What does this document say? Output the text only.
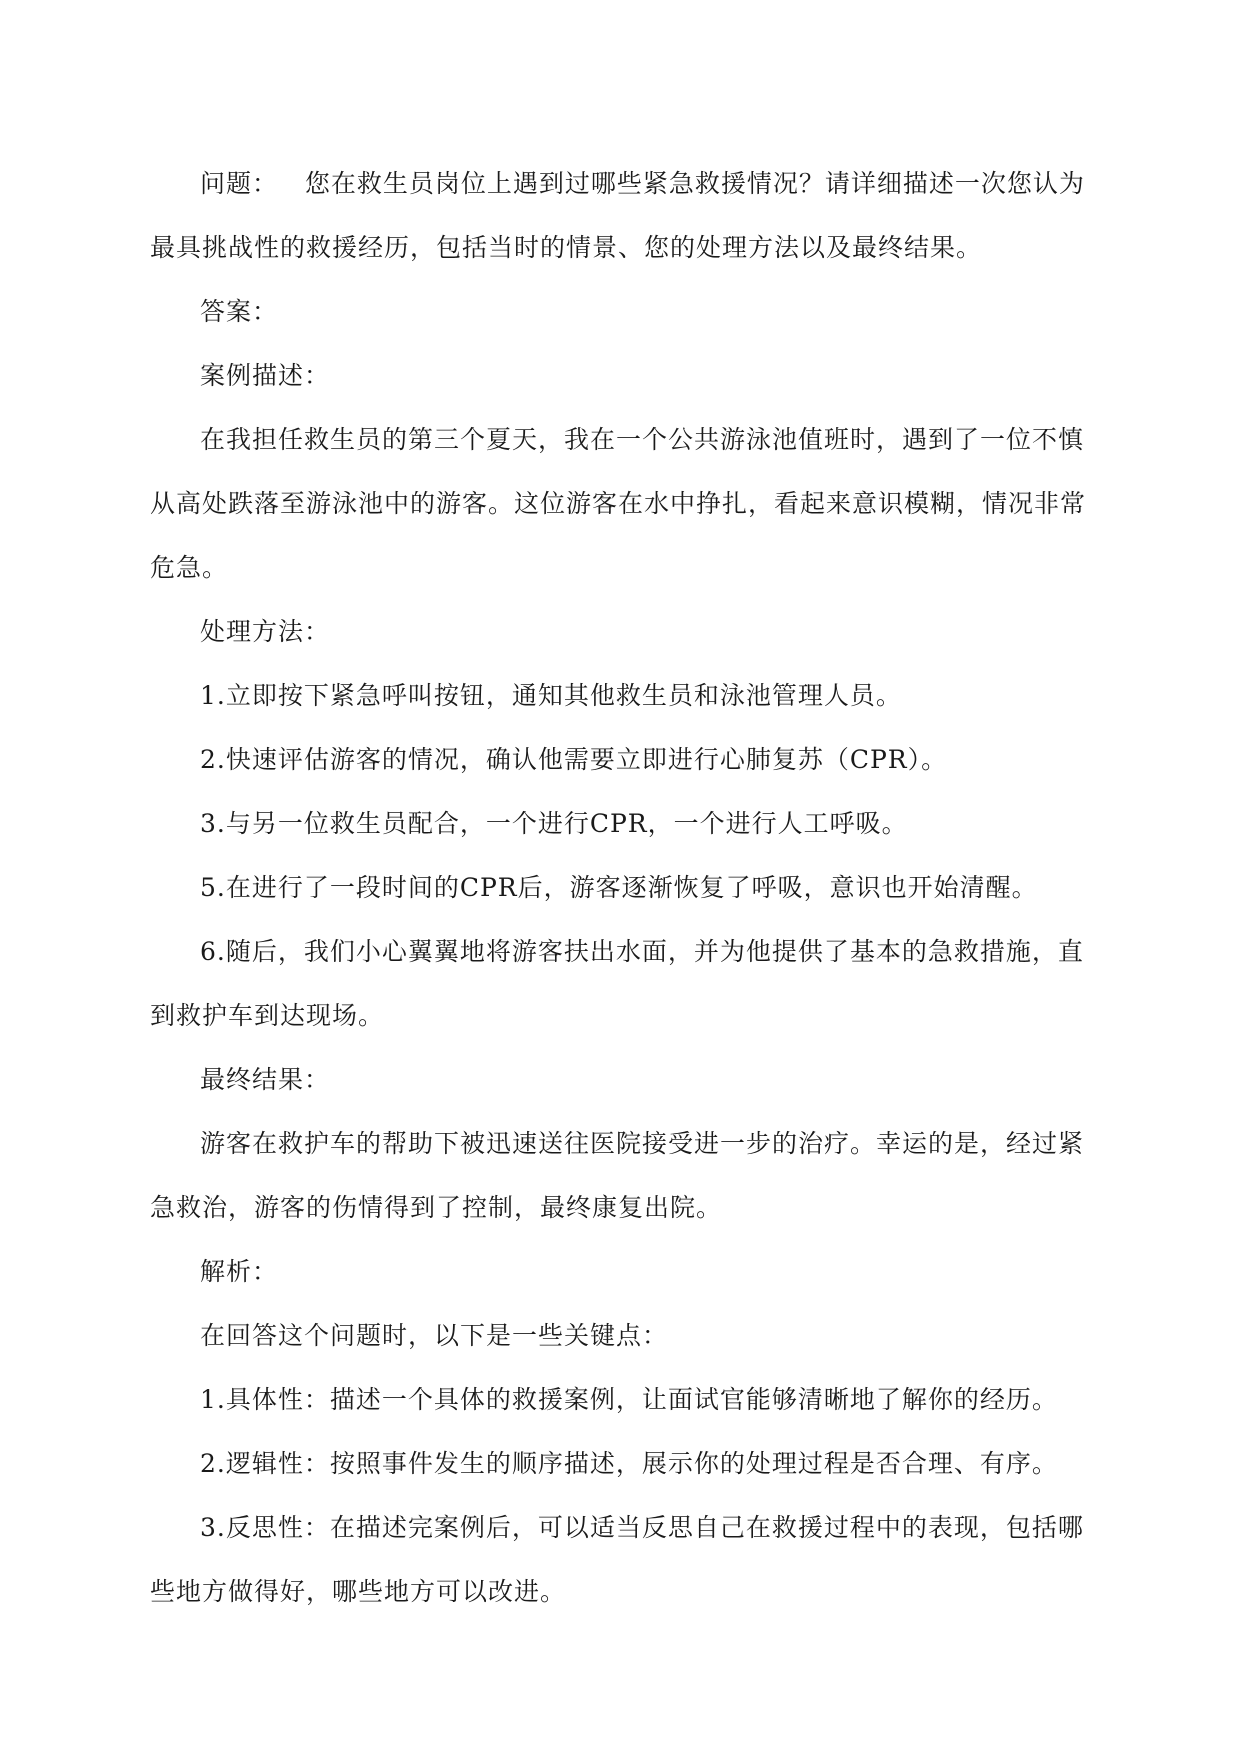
问题： 您在救生员岗位上遇到过哪些紧急救援情况？请详细描述一次您认为最具挑战性的救援经历，包括当时的情景、您的处理方法以及最终结果。

答案：

案例描述：

在我担任救生员的第三个夏天，我在一个公共游泳池值班时，遇到了一位不慎从高处跌落至游泳池中的游客。这位游客在水中挣扎，看起来意识模糊，情况非常危急。

处理方法：

1.立即按下紧急呼叫按钮，通知其他救生员和泳池管理人员。

2.快速评估游客的情况，确认他需要立即进行心肺复苏（CPR）。

3.与另一位救生员配合，一个进行CPR，一个进行人工呼吸。

5.在进行了一段时间的CPR后，游客逐渐恢复了呼吸，意识也开始清醒。

6.随后，我们小心翼翼地将游客扶出水面，并为他提供了基本的急救措施，直到救护车到达现场。

最终结果：

游客在救护车的帮助下被迅速送往医院接受进一步的治疗。幸运的是，经过紧急救治，游客的伤情得到了控制，最终康复出院。

解析：

在回答这个问题时，以下是一些关键点：

1.具体性：描述一个具体的救援案例，让面试官能够清晰地了解你的经历。

2.逻辑性：按照事件发生的顺序描述，展示你的处理过程是否合理、有序。

3.反思性：在描述完案例后，可以适当反思自己在救援过程中的表现，包括哪些地方做得好，哪些地方可以改进。
